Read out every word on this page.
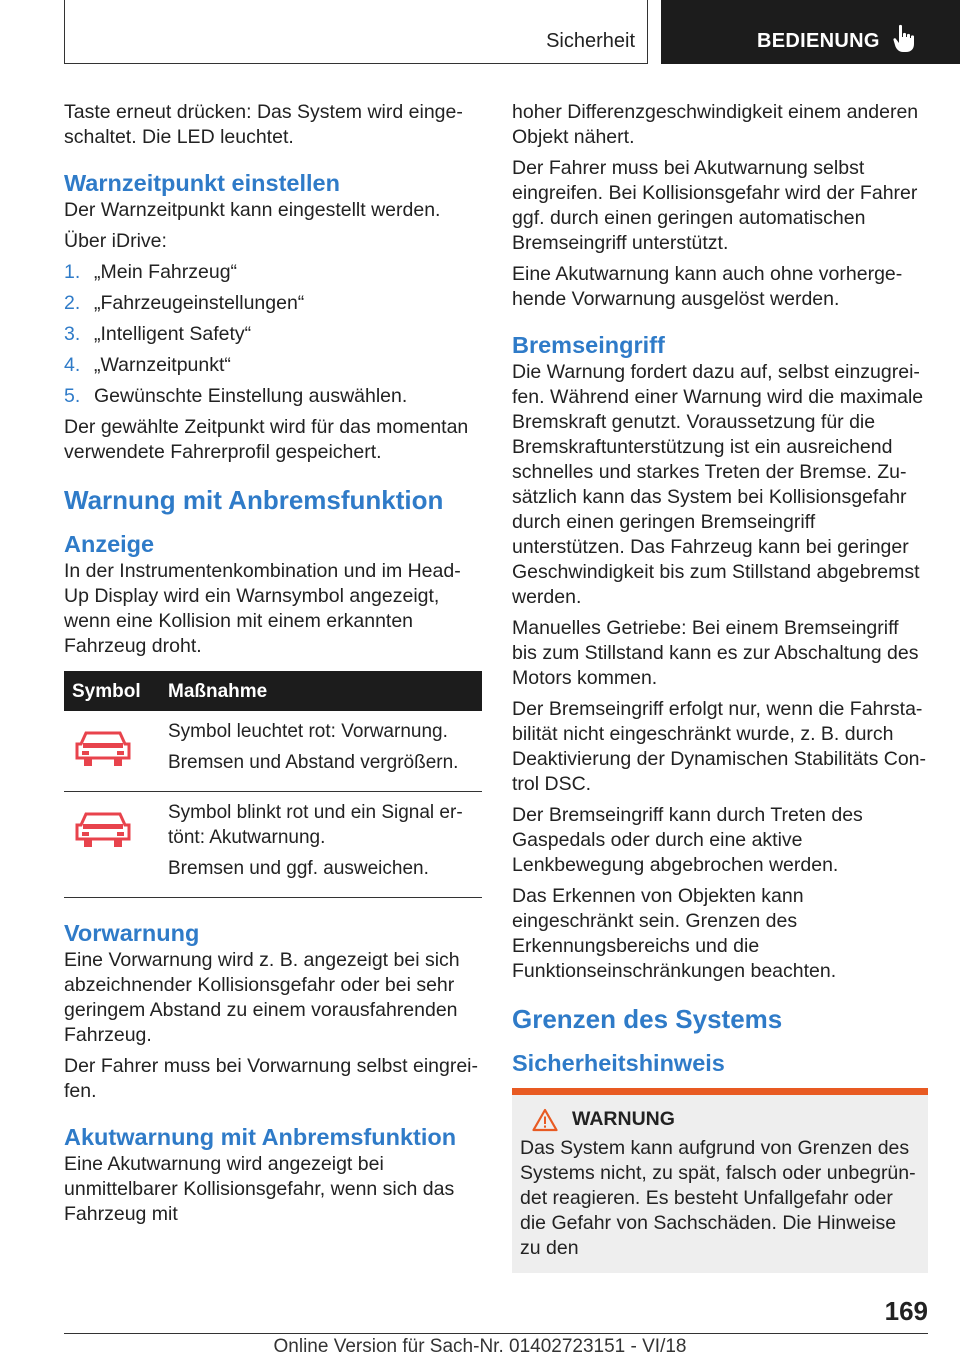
Sicherheit	BEDIENUNG

Taste erneut drücken: Das System wird eingeschaltet. Die LED leuchtet.

Warnzeitpunkt einstellen

Der Warnzeitpunkt kann eingestellt werden.

Über iDrive:

1. „Mein Fahrzeug“
2. „Fahrzeugeinstellungen“
3. „Intelligent Safety“
4. „Warnzeitpunkt“
5. Gewünschte Einstellung auswählen.

Der gewählte Zeitpunkt wird für das momentan verwendete Fahrerprofil gespeichert.

Warnung mit Anbremsfunktion
Anzeige

In der Instrumentenkombination und im Head-Up Display wird ein Warnsymbol angezeigt, wenn eine Kollision mit einem erkannten Fahrzeug droht.

Symbol	Maßnahme

Symbol leuchtet rot: Vorwarnung.

Bremsen und Abstand vergrößern.

Symbol blinkt rot und ein Signal ertönt: Akutwarnung.

Bremsen und ggf. ausweichen.

Vorwarnung

Eine Vorwarnung wird z. B. angezeigt bei sich abzeichnender Kollisionsgefahr oder bei sehr geringem Abstand zu einem vorausfahrenden Fahrzeug.

Der Fahrer muss bei Vorwarnung selbst eingreifen.

Akutwarnung mit Anbremsfunktion

Eine Akutwarnung wird angezeigt bei unmittelbarer Kollisionsgefahr, wenn sich das Fahrzeug mit

hoher Differenzgeschwindigkeit einem anderen Objekt nähert.

Der Fahrer muss bei Akutwarnung selbst eingreifen. Bei Kollisionsgefahr wird der Fahrer ggf. durch einen geringen automatischen Bremseingriff unterstützt.

Eine Akutwarnung kann auch ohne vorhergehende Vorwarnung ausgelöst werden.

Bremseingriff

Die Warnung fordert dazu auf, selbst einzugreifen. Während einer Warnung wird die maximale Bremskraft genutzt. Voraussetzung für die Bremskraftunterstützung ist ein ausreichend schnelles und starkes Treten der Bremse. Zusätzlich kann das System bei Kollisionsgefahr durch einen geringen Bremseingriff unterstützen. Das Fahrzeug kann bei geringer Geschwindigkeit bis zum Stillstand abgebremst werden.

Manuelles Getriebe: Bei einem Bremseingriff bis zum Stillstand kann es zur Abschaltung des Motors kommen.

Der Bremseingriff erfolgt nur, wenn die Fahrstabilität nicht eingeschränkt wurde, z. B. durch Deaktivierung der Dynamischen Stabilitäts Control DSC.

Der Bremseingriff kann durch Treten des Gaspedals oder durch eine aktive Lenkbewegung abgebrochen werden.

Das Erkennen von Objekten kann eingeschränkt sein. Grenzen des Erkennungsbereichs und die Funktionseinschränkungen beachten.

Grenzen des Systems
Sicherheitshinweis
WARNUNG

Das System kann aufgrund von Grenzen des Systems nicht, zu spät, falsch oder unbegründet reagieren. Es besteht Unfallgefahr oder die Gefahr von Sachschäden. Die Hinweise zu den

169
Online Version für Sach-Nr. 01402723151 - VI/18
